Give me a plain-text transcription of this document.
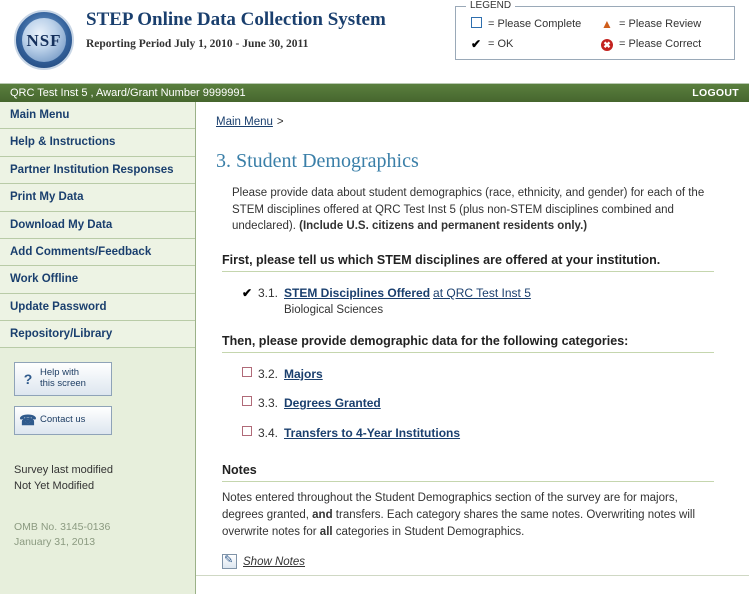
NSF
STEP Online Data Collection System
Reporting Period July 1, 2010 - June 30, 2011
LEGEND
= Please Complete ▲ = Please Review
✔ = OK	✖ = Please Correct
QRC Test Inst 5 , Award/Grant Number 9999991	LOGOUT
Main Menu
Help & Instructions
Partner Institution Responses
Print My Data
Download My Data
Add Comments/Feedback
Work Offline
Update Password
Repository/Library
? Help with
this screen
☎ Contact us
Survey last modified
Not Yet Modified
OMB No. 3145-0136
January 31, 2013
Main Menu >
3. Student Demographics
Please provide data about student demographics (race, ethnicity, and gender) for each of the STEM disciplines offered at QRC Test Inst 5 (plus non-STEM disciplines combined and undeclared). (Include U.S. citizens and permanent residents only.)
First, please tell us which STEM disciplines are offered at your institution.
✔ 3.1. STEM Disciplines Offered at QRC Test Inst 5
Biological Sciences
Then, please provide demographic data for the following categories:
3.2. Majors
3.3. Degrees Granted
3.4. Transfers to 4-Year Institutions
Notes
Notes entered throughout the Student Demographics section of the survey are for majors, degrees granted, and transfers. Each category shares the same notes. Overwriting notes will overwrite notes for all categories in Student Demographics.
✎
Show Notes
